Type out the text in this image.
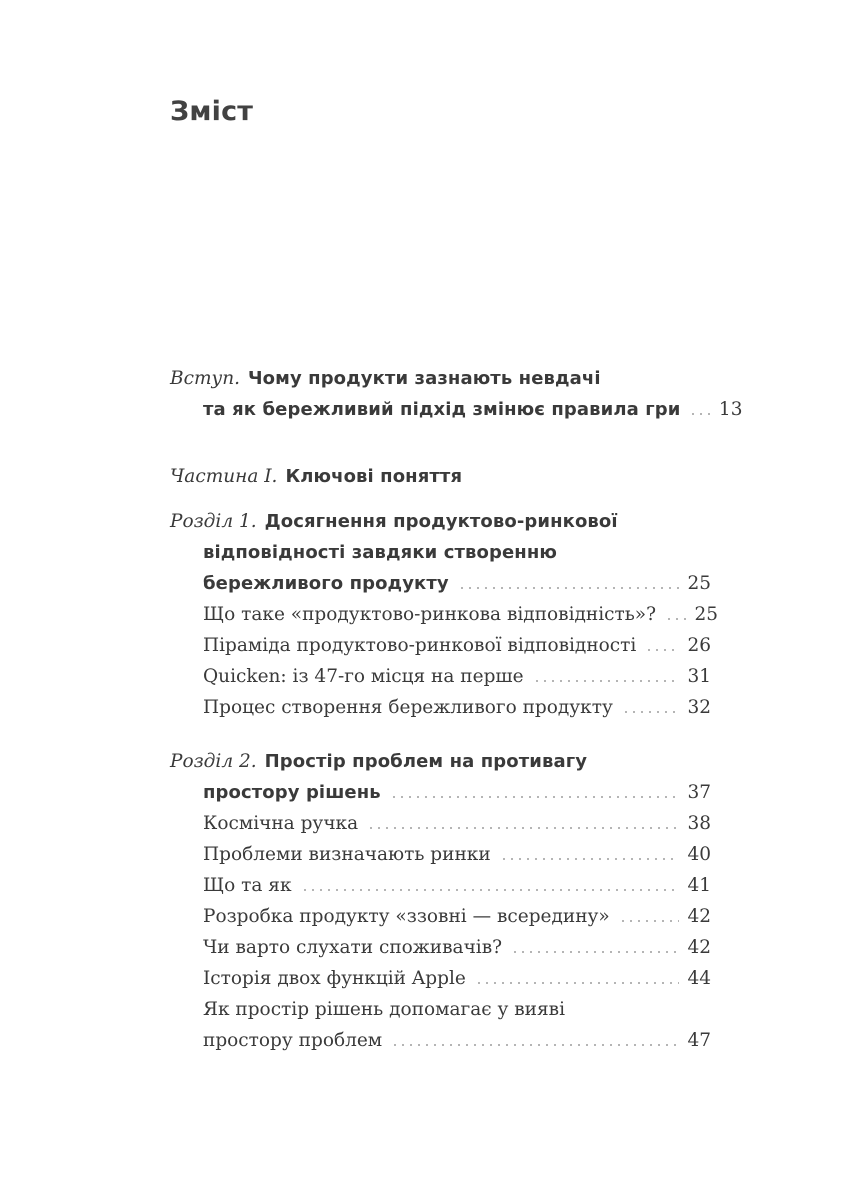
Зміст
Вступ. Чому продукти зазнають невдачі
та як бережливий підхід змінює правила гри 13
Частина I. Ключові поняття
Розділ 1. Досягнення продуктово-ринкової
відповідності завдяки створенню
бережливого продукту	25
Що таке «продуктово-ринкова відповідність»? 25
Піраміда продуктово-ринкової відповідності	26
Quicken: із 47-го місця на перше	31
Процес створення бережливого продукту	32
Розділ 2. Простір проблем на противагу
простору рішень	37
Космічна ручка	38
Проблеми визначають ринки	40
Що та як	41
Розробка продукту «ззовні — всередину»	42
Чи варто слухати споживачів?	42
Історія двох функцій Apple	44
Як простір рішень допомагає у вияві
простору проблем	47
